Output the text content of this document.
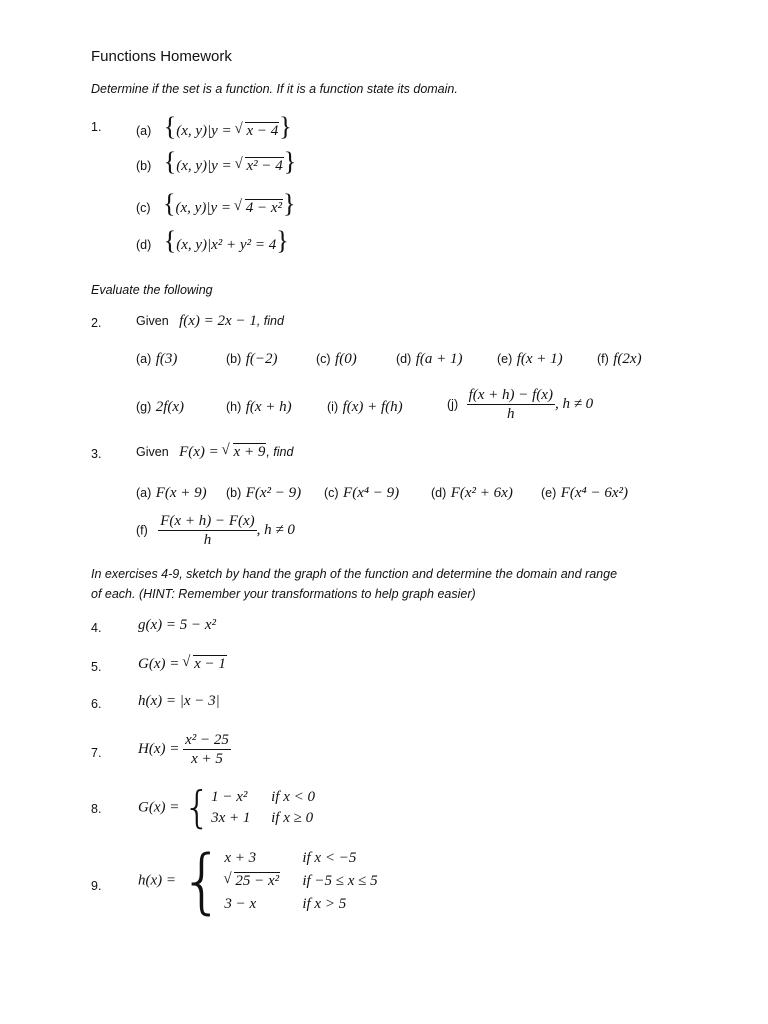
Functions Homework
Determine if the set is a function. If it is a function state its domain.
1.	(a) {(x, y)|y = √ x − 4}
(b) {(x, y)|y = √ x² − 4}
(c) {(x, y)|y = √ 4 − x²}
(d) {(x, y)|x² + y² = 4}
Evaluate the following
2.	Given f(x) = 2x − 1, find
(a) f(3)	(b) f(−2)	(c) f(0)	(d) f(a + 1)	(e) f(x + 1)	(f) f(2x)
(g) 2f(x)	(h) f(x + h)	(i) f(x) + f(h)	$(j) \frac{f(x + h) - f(x)}{h}$ , h ≠ 0
3.	Given F(x) = √ x + 9, find
(a) F(x + 9) (b) F(x² − 9) (c) F(x⁴ − 9)	(d) F(x² + 6x) (e) F(x⁴ − 6x²)
$(f) \frac{F(x + h) - F(x)}{h}$ , h ≠ 0
In exercises 4-9, sketch by hand the graph of the function and determine the domain and range
of each. (HINT: Remember your transformations to help graph easier)
4. g(x) = 5 − x²
5. G(x) = √ x − 1
6. h(x) = |x − 3|
7. $H(x) = \frac{\text{x² − 25}}{x + 5}$
8. G(x) = { 1 − x²	if x < 0
3x + 1 if x ≥ 0
9. h(x) = { x + 3	if x < −5
√ 25 − x²	if −5 ≤ x ≤ 5
3 − x	if x > 5
